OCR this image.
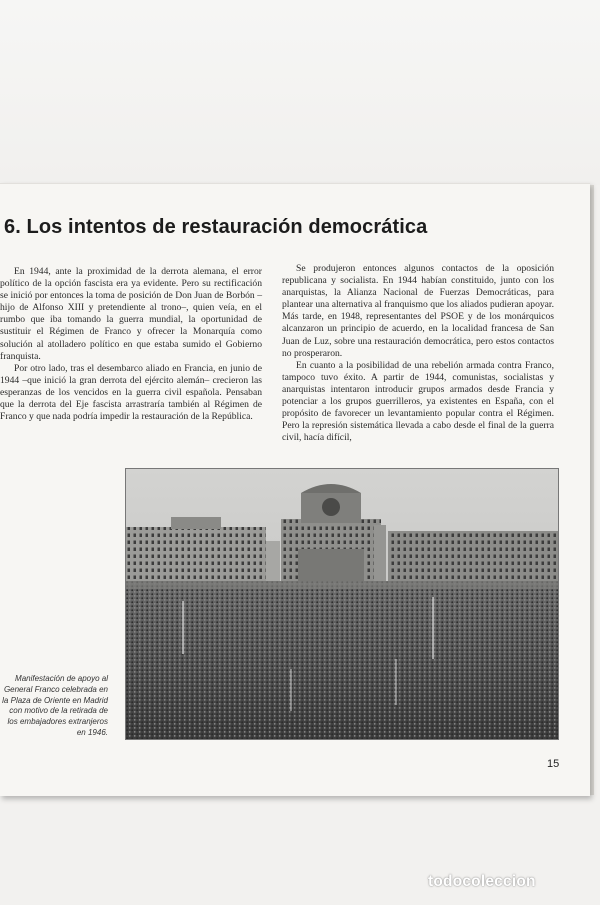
6. Los intentos de restauración democrática

En 1944, ante la proximidad de la derrota alemana, el error político de la opción fascista era ya evidente. Pero su rectificación se inició por entonces la toma de posición de Don Juan de Borbón –hijo de Alfonso XIII y pretendiente al trono–, quien veía, en el rumbo que iba tomando la guerra mundial, la oportunidad de sustituir el Régimen de Franco y ofrecer la Monarquía como solución al atolladero político en que estaba sumido el Gobierno franquista.

Por otro lado, tras el desembarco aliado en Francia, en junio de 1944 –que inició la gran derrota del ejército alemán– crecieron las esperanzas de los vencidos en la guerra civil española. Pensaban que la derrota del Eje fascista arrastraría también al Régimen de Franco y que nada podría impedir la restauración de la República.

Se produjeron entonces algunos contactos de la oposición republicana y socialista. En 1944 habían constituido, junto con los anarquistas, la Alianza Nacional de Fuerzas Democráticas, para plantear una alternativa al franquismo que los aliados pudieran apoyar. Más tarde, en 1948, representantes del PSOE y de los monárquicos alcanzaron un principio de acuerdo, en la localidad francesa de San Juan de Luz, sobre una restauración democrática, pero estos contactos no prosperaron.

En cuanto a la posibilidad de una rebelión armada contra Franco, tampoco tuvo éxito. A partir de 1944, comunistas, socialistas y anarquistas intentaron introducir grupos armados desde Francia y potenciar a los grupos guerrilleros, ya existentes en España, con el propósito de favorecer un levantamiento popular contra el Régimen. Pero la represión sistemática llevada a cabo desde el final de la guerra civil, hacía difícil,

Manifestación de apoyo al General Franco celebrada en la Plaza de Oriente en Madrid con motivo de la retirada de los embajadores extranjeros en 1946.
15
todocoleccion
